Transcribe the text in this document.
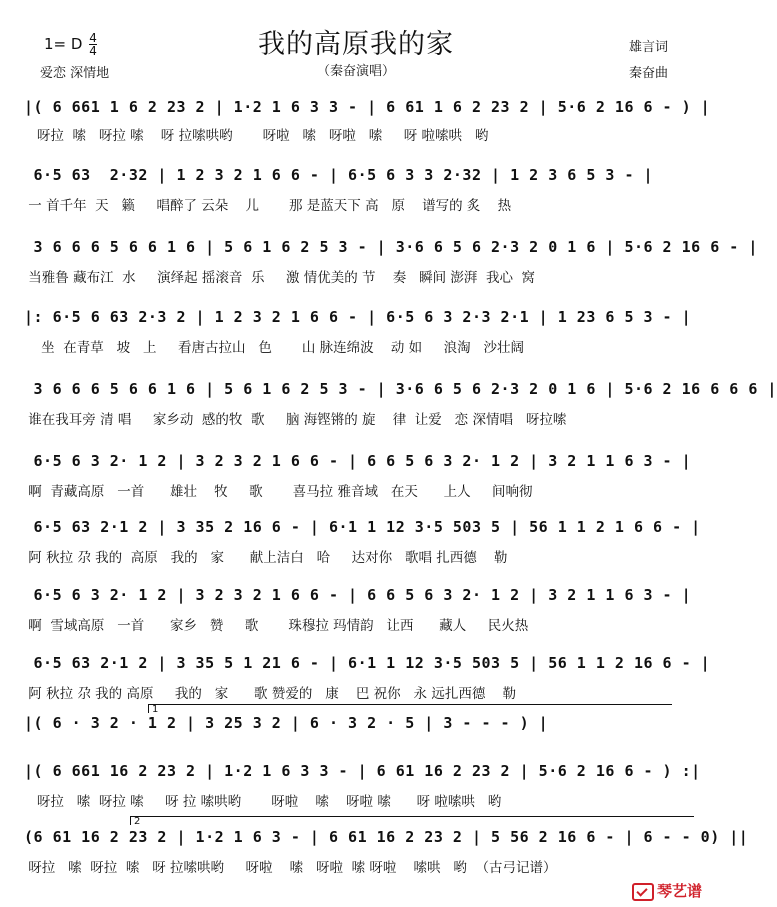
我的高原我的家
（秦奋演唱）
1= D $\frac{4}{4}$
爱恋 深情地
雄言词
秦奋曲
|( 6 661 1 6 2 23 2 | 1·2 1 6 3 3 - | 6 61 1 6 2 23 2 | 5·6 2 16 6 - ) |
呀拉  嗦   呀拉 嗦    呀 拉嗦哄哟       呀啦   嗦   呀啦   嗦     呀 啦嗦哄   哟
6·5 63  2·32 | 1 2 3 2 1 6 6 - | 6·5 6 3 3 2·32 | 1 2 3 6 5 3 - |
一 首千年  天   籁     唱醉了 云朵    儿       那 是蓝天下 高   原    谱写的 炙    热
3 6 6 6 5 6 6 1 6 | 5 6 1 6 2 5 3 - | 3·6 6 5 6 2·3 2 0 1 6 | 5·6 2 16 6 - |
当雅鲁 藏布江  水     演绎起 摇滚音  乐     激 情优美的 节    奏   瞬间 澎湃  我心  窝
|: 6·5 6 63 2·3 2 | 1 2 3 2 1 6 6 - | 6·5 6 3 2·3 2·1 | 1 23 6 5 3 - |
坐  在青草   坡   上     看唐古拉山   色       山 脉连绵波    动 如     浪淘   沙壮阔
3 6 6 6 5 6 6 1 6 | 5 6 1 6 2 5 3 - | 3·6 6 5 6 2·3 2 0 1 6 | 5·6 2 16 6 6 6 |
谁在我耳旁 清 唱     家乡动  感的牧  歌     脑 海铿锵的 旋    律  让爱   恋 深情唱   呀拉嗦
6·5 6 3 2· 1 2 | 3 2 3 2 1 6 6 - | 6 6 5 6 3 2· 1 2 | 3 2 1 1 6 3 - |
啊  青藏高原   一首      雄壮    牧     歌       喜马拉 雅音域   在天      上人     间响彻
6·5 63 2·1 2 | 3 35 2 16 6 - | 6·1 1 12 3·5 503 5 | 56 1 1 2 1 6 6 - |
阿 秋拉 尕 我的  高原   我的   家      献上洁白   哈     达对你   歌唱 扎西德    勒
6·5 6 3 2· 1 2 | 3 2 3 2 1 6 6 - | 6 6 5 6 3 2· 1 2 | 3 2 1 1 6 3 - |
啊  雪域高原   一首      家乡   赞     歌       珠穆拉 玛情韵   让西      藏人     民火热
6·5 63 2·1 2 | 3 35 5 1 21 6 - | 6·1 1 12 3·5 503 5 | 56 1 1 2 16 6 - |
阿 秋拉 尕 我的 高原     我的   家      歌 赞爱的   康    巴 祝你   永 远扎西德    勒
1
|( 6 · 3 2 · 1 2 | 3 25 3 2 | 6 · 3 2 · 5 | 3 - - - ) |
|( 6 661 16 2 23 2 | 1·2 1 6 3 3 - | 6 61 16 2 23 2 | 5·6 2 16 6 - ) :|
呀拉   嗦  呀拉 嗦     呀 拉 嗦哄哟       呀啦    嗦    呀啦 嗦      呀 啦嗦哄   哟
2
(6 61 16 2 23 2 | 1·2 1 6 3 - | 6 61 16 2 23 2 | 5 56 2 16 6 - | 6 - - 0) ||
呀拉   嗦  呀拉  嗦   呀 拉嗦哄哟     呀啦    嗦   呀啦  嗦 呀啦    嗦哄   哟  （古弓记谱）
琴艺谱
